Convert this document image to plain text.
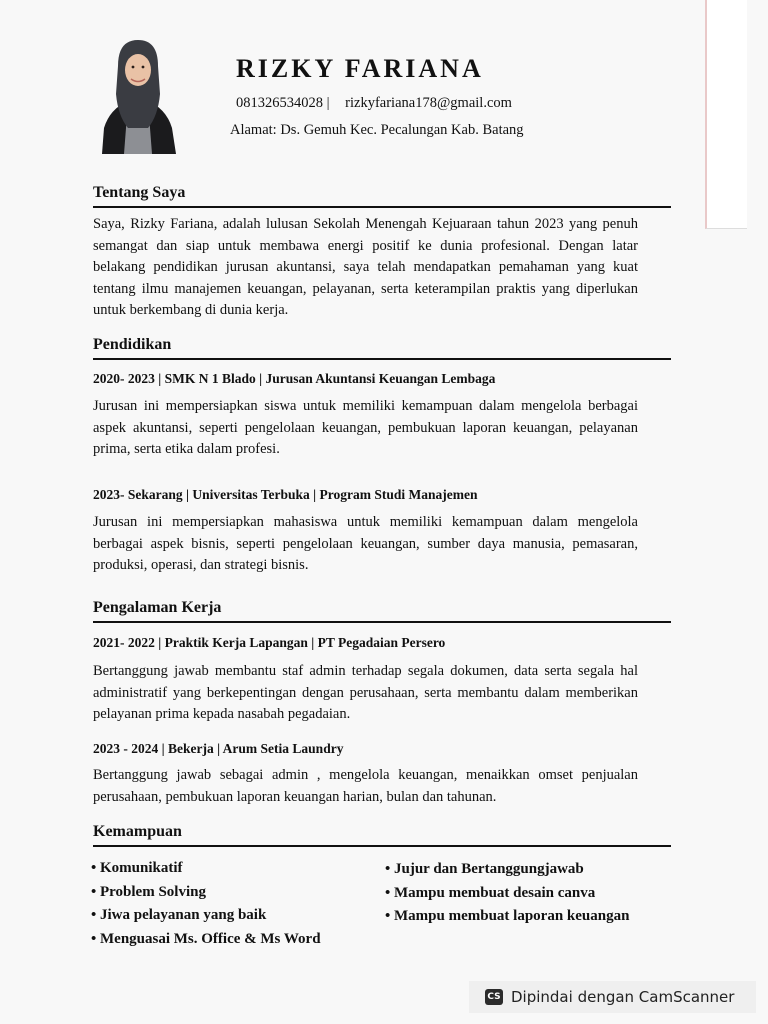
RIZKY FARIANA
081326534028 | rizkyfariana178@gmail.com
Alamat: Ds. Gemuh Kec. Pecalungan Kab. Batang
Tentang Saya
Saya, Rizky Fariana, adalah lulusan Sekolah Menengah Kejuaraan tahun 2023 yang penuh semangat dan siap untuk membawa energi positif ke dunia profesional. Dengan latar belakang pendidikan jurusan akuntansi, saya telah mendapatkan pemahaman yang kuat tentang ilmu manajemen keuangan, pelayanan, serta keterampilan praktis yang diperlukan untuk berkembang di dunia kerja.
Pendidikan
2020- 2023 | SMK N 1 Blado | Jurusan Akuntansi Keuangan Lembaga
Jurusan ini mempersiapkan siswa untuk memiliki kemampuan dalam mengelola berbagai aspek akuntansi, seperti pengelolaan keuangan, pembukuan laporan keuangan, pelayanan prima, serta etika dalam profesi.
2023- Sekarang | Universitas Terbuka | Program Studi Manajemen
Jurusan ini mempersiapkan mahasiswa untuk memiliki kemampuan dalam mengelola berbagai aspek bisnis, seperti pengelolaan keuangan, sumber daya manusia, pemasaran, produksi, operasi, dan strategi bisnis.
Pengalaman Kerja
2021- 2022 | Praktik Kerja Lapangan | PT Pegadaian Persero
Bertanggung jawab membantu staf admin terhadap segala dokumen, data serta segala hal administratif yang berkepentingan dengan perusahaan, serta membantu dalam memberikan pelayanan prima kepada nasabah pegadaian.
2023 - 2024 | Bekerja | Arum Setia Laundry
Bertanggung jawab sebagai admin , mengelola keuangan, menaikkan omset penjualan perusahaan, pembukuan laporan keuangan harian, bulan dan tahunan.
Kemampuan
• Komunikatif
• Problem Solving
• Jiwa pelayanan yang baik
• Menguasai Ms. Office & Ms Word
• Jujur dan Bertanggungjawab
• Mampu membuat desain canva
• Mampu membuat laporan keuangan
CS Dipindai dengan CamScanner
